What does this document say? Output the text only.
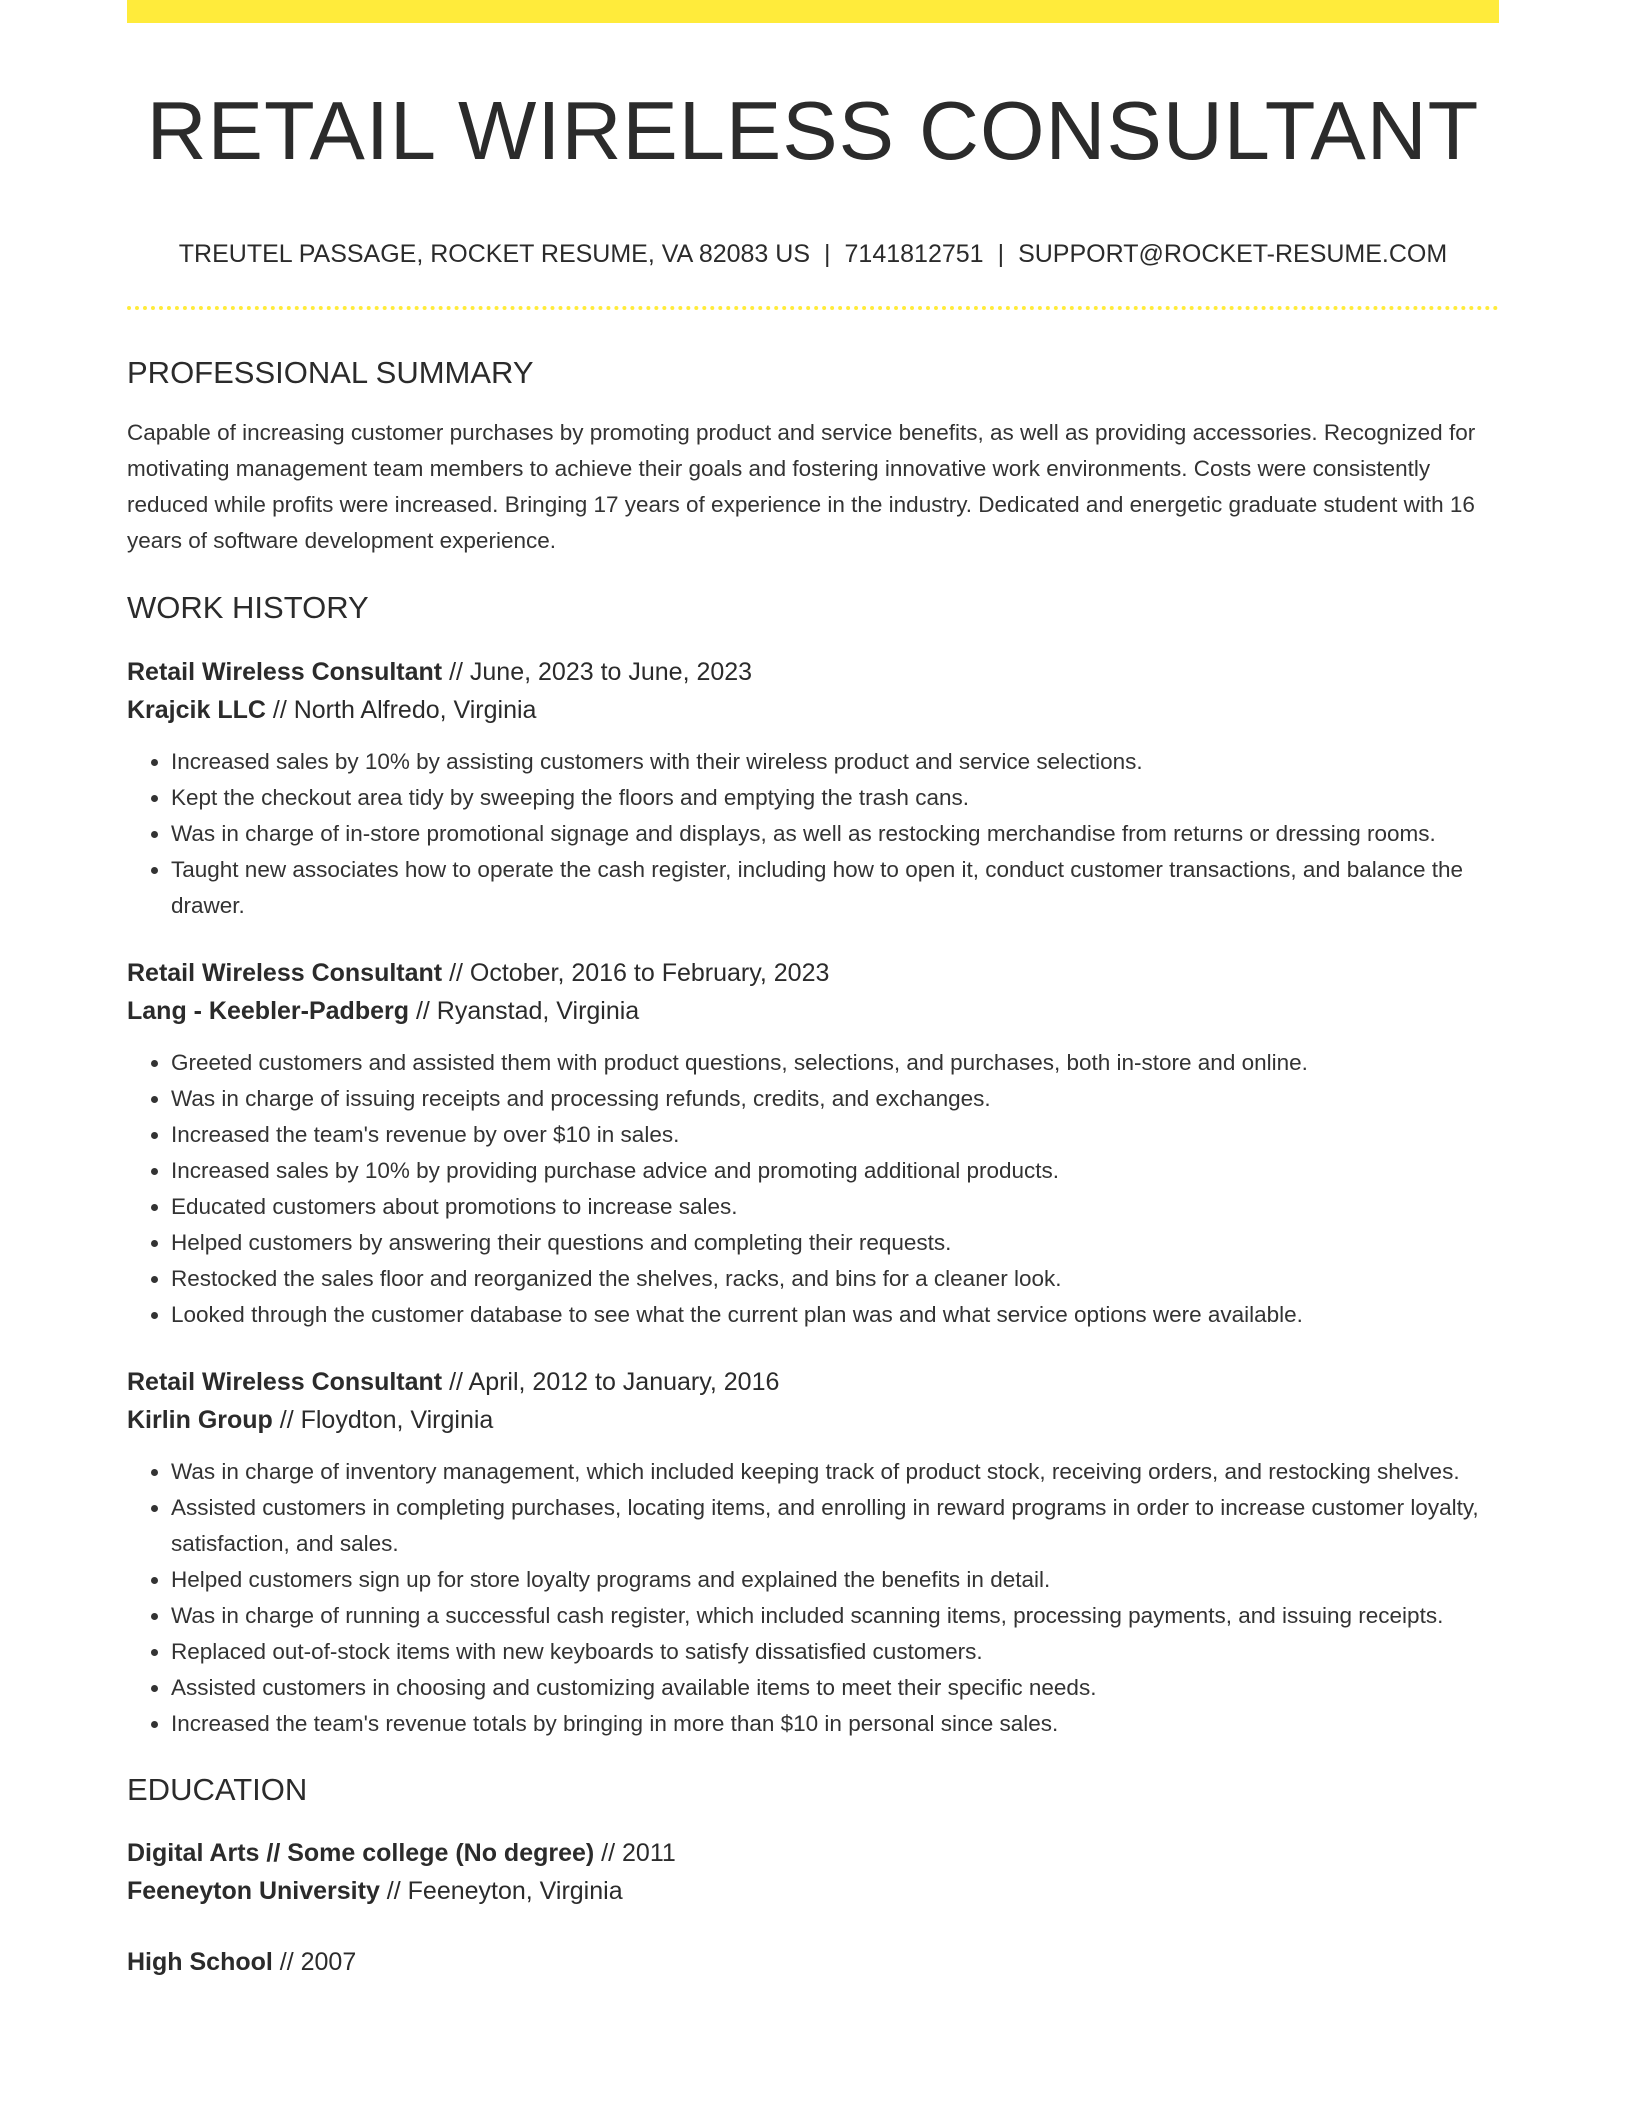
RETAIL WIRELESS CONSULTANT
TREUTEL PASSAGE, ROCKET RESUME, VA 82083 US | 7141812751 | SUPPORT@ROCKET-RESUME.COM
PROFESSIONAL SUMMARY

Capable of increasing customer purchases by promoting product and service benefits, as well as providing accessories. Recognized for motivating management team members to achieve their goals and fostering innovative work environments. Costs were consistently reduced while profits were increased. Bringing 17 years of experience in the industry. Dedicated and energetic graduate student with 16 years of software development experience.

WORK HISTORY
Retail Wireless Consultant // June, 2023 to June, 2023
Krajcik LLC // North Alfredo, Virginia
• Increased sales by 10% by assisting customers with their wireless product and service selections.
• Kept the checkout area tidy by sweeping the floors and emptying the trash cans.
• Was in charge of in-store promotional signage and displays, as well as restocking merchandise from returns or dressing rooms.
• Taught new associates how to operate the cash register, including how to open it, conduct customer transactions, and balance the drawer.
Retail Wireless Consultant // October, 2016 to February, 2023
Lang - Keebler-Padberg // Ryanstad, Virginia
• Greeted customers and assisted them with product questions, selections, and purchases, both in-store and online.
• Was in charge of issuing receipts and processing refunds, credits, and exchanges.
• Increased the team's revenue by over $10 in sales.
• Increased sales by 10% by providing purchase advice and promoting additional products.
• Educated customers about promotions to increase sales.
• Helped customers by answering their questions and completing their requests.
• Restocked the sales floor and reorganized the shelves, racks, and bins for a cleaner look.
• Looked through the customer database to see what the current plan was and what service options were available.
Retail Wireless Consultant // April, 2012 to January, 2016
Kirlin Group // Floydton, Virginia
• Was in charge of inventory management, which included keeping track of product stock, receiving orders, and restocking shelves.
• Assisted customers in completing purchases, locating items, and enrolling in reward programs in order to increase customer loyalty, satisfaction, and sales.
• Helped customers sign up for store loyalty programs and explained the benefits in detail.
• Was in charge of running a successful cash register, which included scanning items, processing payments, and issuing receipts.
• Replaced out-of-stock items with new keyboards to satisfy dissatisfied customers.
• Assisted customers in choosing and customizing available items to meet their specific needs.
• Increased the team's revenue totals by bringing in more than $10 in personal since sales.
EDUCATION
Digital Arts // Some college (No degree) // 2011
Feeneyton University // Feeneyton, Virginia
High School // 2007
